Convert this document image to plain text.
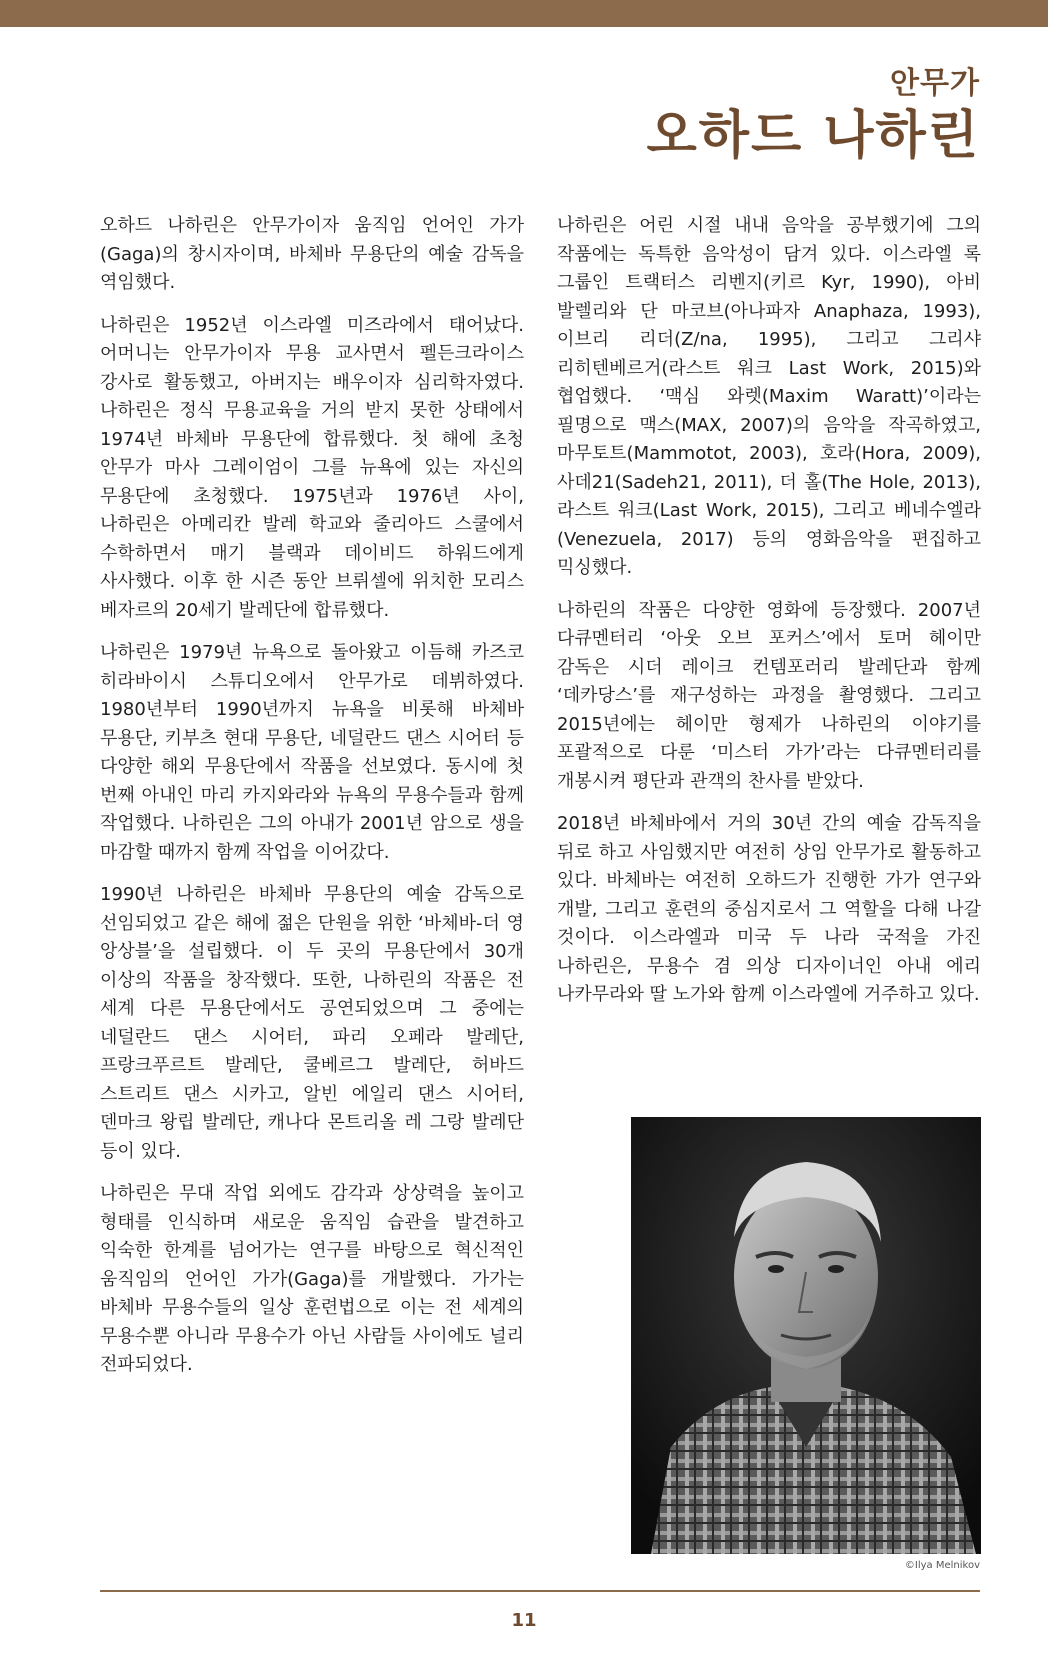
안무가
오하드 나하린

오하드 나하린은 안무가이자 움직임 언어인 가가(Gaga)의 창시자이며, 바체바 무용단의 예술 감독을 역임했다.

나하린은 1952년 이스라엘 미즈라에서 태어났다. 어머니는 안무가이자 무용 교사면서 펠든크라이스 강사로 활동했고, 아버지는 배우이자 심리학자였다. 나하린은 정식 무용교육을 거의 받지 못한 상태에서 1974년 바체바 무용단에 합류했다. 첫 해에 초청 안무가 마사 그레이엄이 그를 뉴욕에 있는 자신의 무용단에 초청했다. 1975년과 1976년 사이, 나하린은 아메리칸 발레 학교와 줄리아드 스쿨에서 수학하면서 매기 블랙과 데이비드 하워드에게 사사했다. 이후 한 시즌 동안 브뤼셀에 위치한 모리스 베자르의 20세기 발레단에 합류했다.

나하린은 1979년 뉴욕으로 돌아왔고 이듬해 카즈코 히라바이시 스튜디오에서 안무가로 데뷔하였다. 1980년부터 1990년까지 뉴욕을 비롯해 바체바 무용단, 키부츠 현대 무용단, 네덜란드 댄스 시어터 등 다양한 해외 무용단에서 작품을 선보였다. 동시에 첫 번째 아내인 마리 카지와라와 뉴욕의 무용수들과 함께 작업했다. 나하린은 그의 아내가 2001년 암으로 생을 마감할 때까지 함께 작업을 이어갔다.

1990년 나하린은 바체바 무용단의 예술 감독으로 선임되었고 같은 해에 젊은 단원을 위한 ‘바체바-더 영 앙상블’을 설립했다. 이 두 곳의 무용단에서 30개 이상의 작품을 창작했다. 또한, 나하린의 작품은 전 세계 다른 무용단에서도 공연되었으며 그 중에는 네덜란드 댄스 시어터, 파리 오페라 발레단, 프랑크푸르트 발레단, 쿨베르그 발레단, 허바드 스트리트 댄스 시카고, 알빈 에일리 댄스 시어터, 덴마크 왕립 발레단, 캐나다 몬트리올 레 그랑 발레단 등이 있다.

나하린은 무대 작업 외에도 감각과 상상력을 높이고 형태를 인식하며 새로운 움직임 습관을 발견하고 익숙한 한계를 넘어가는 연구를 바탕으로 혁신적인 움직임의 언어인 가가(Gaga)를 개발했다. 가가는 바체바 무용수들의 일상 훈련법으로 이는 전 세계의 무용수뿐 아니라 무용수가 아닌 사람들 사이에도 널리 전파되었다.

나하린은 어린 시절 내내 음악을 공부했기에 그의 작품에는 독특한 음악성이 담겨 있다. 이스라엘 록 그룹인 트랙터스 리벤지(키르 Kyr, 1990), 아비 발렐리와 단 마코브(아나파자 Anaphaza, 1993), 이브리 리더(Z/na, 1995), 그리고 그리샤 리히텐베르거(라스트 워크 Last Work, 2015)와 협업했다. ‘맥심 와렛(Maxim Waratt)’이라는 필명으로 맥스(MAX, 2007)의 음악을 작곡하였고, 마무토트(Mammotot, 2003), 호라(Hora, 2009), 사데21(Sadeh21, 2011), 더 홀(The Hole, 2013), 라스트 워크(Last Work, 2015), 그리고 베네수엘라(Venezuela, 2017) 등의 영화음악을 편집하고 믹싱했다.

나하린의 작품은 다양한 영화에 등장했다. 2007년 다큐멘터리 ‘아웃 오브 포커스’에서 토머 헤이만 감독은 시더 레이크 컨템포러리 발레단과 함께 ‘데카당스’를 재구성하는 과정을 촬영했다. 그리고 2015년에는 헤이만 형제가 나하린의 이야기를 포괄적으로 다룬 ‘미스터 가가’라는 다큐멘터리를 개봉시켜 평단과 관객의 찬사를 받았다.

2018년 바체바에서 거의 30년 간의 예술 감독직을 뒤로 하고 사임했지만 여전히 상임 안무가로 활동하고 있다. 바체바는 여전히 오하드가 진행한 가가 연구와 개발, 그리고 훈련의 중심지로서 그 역할을 다해 나갈 것이다. 이스라엘과 미국 두 나라 국적을 가진 나하린은, 무용수 겸 의상 디자이너인 아내 에리 나카무라와 딸 노가와 함께 이스라엘에 거주하고 있다.

©Ilya Melnikov
11
